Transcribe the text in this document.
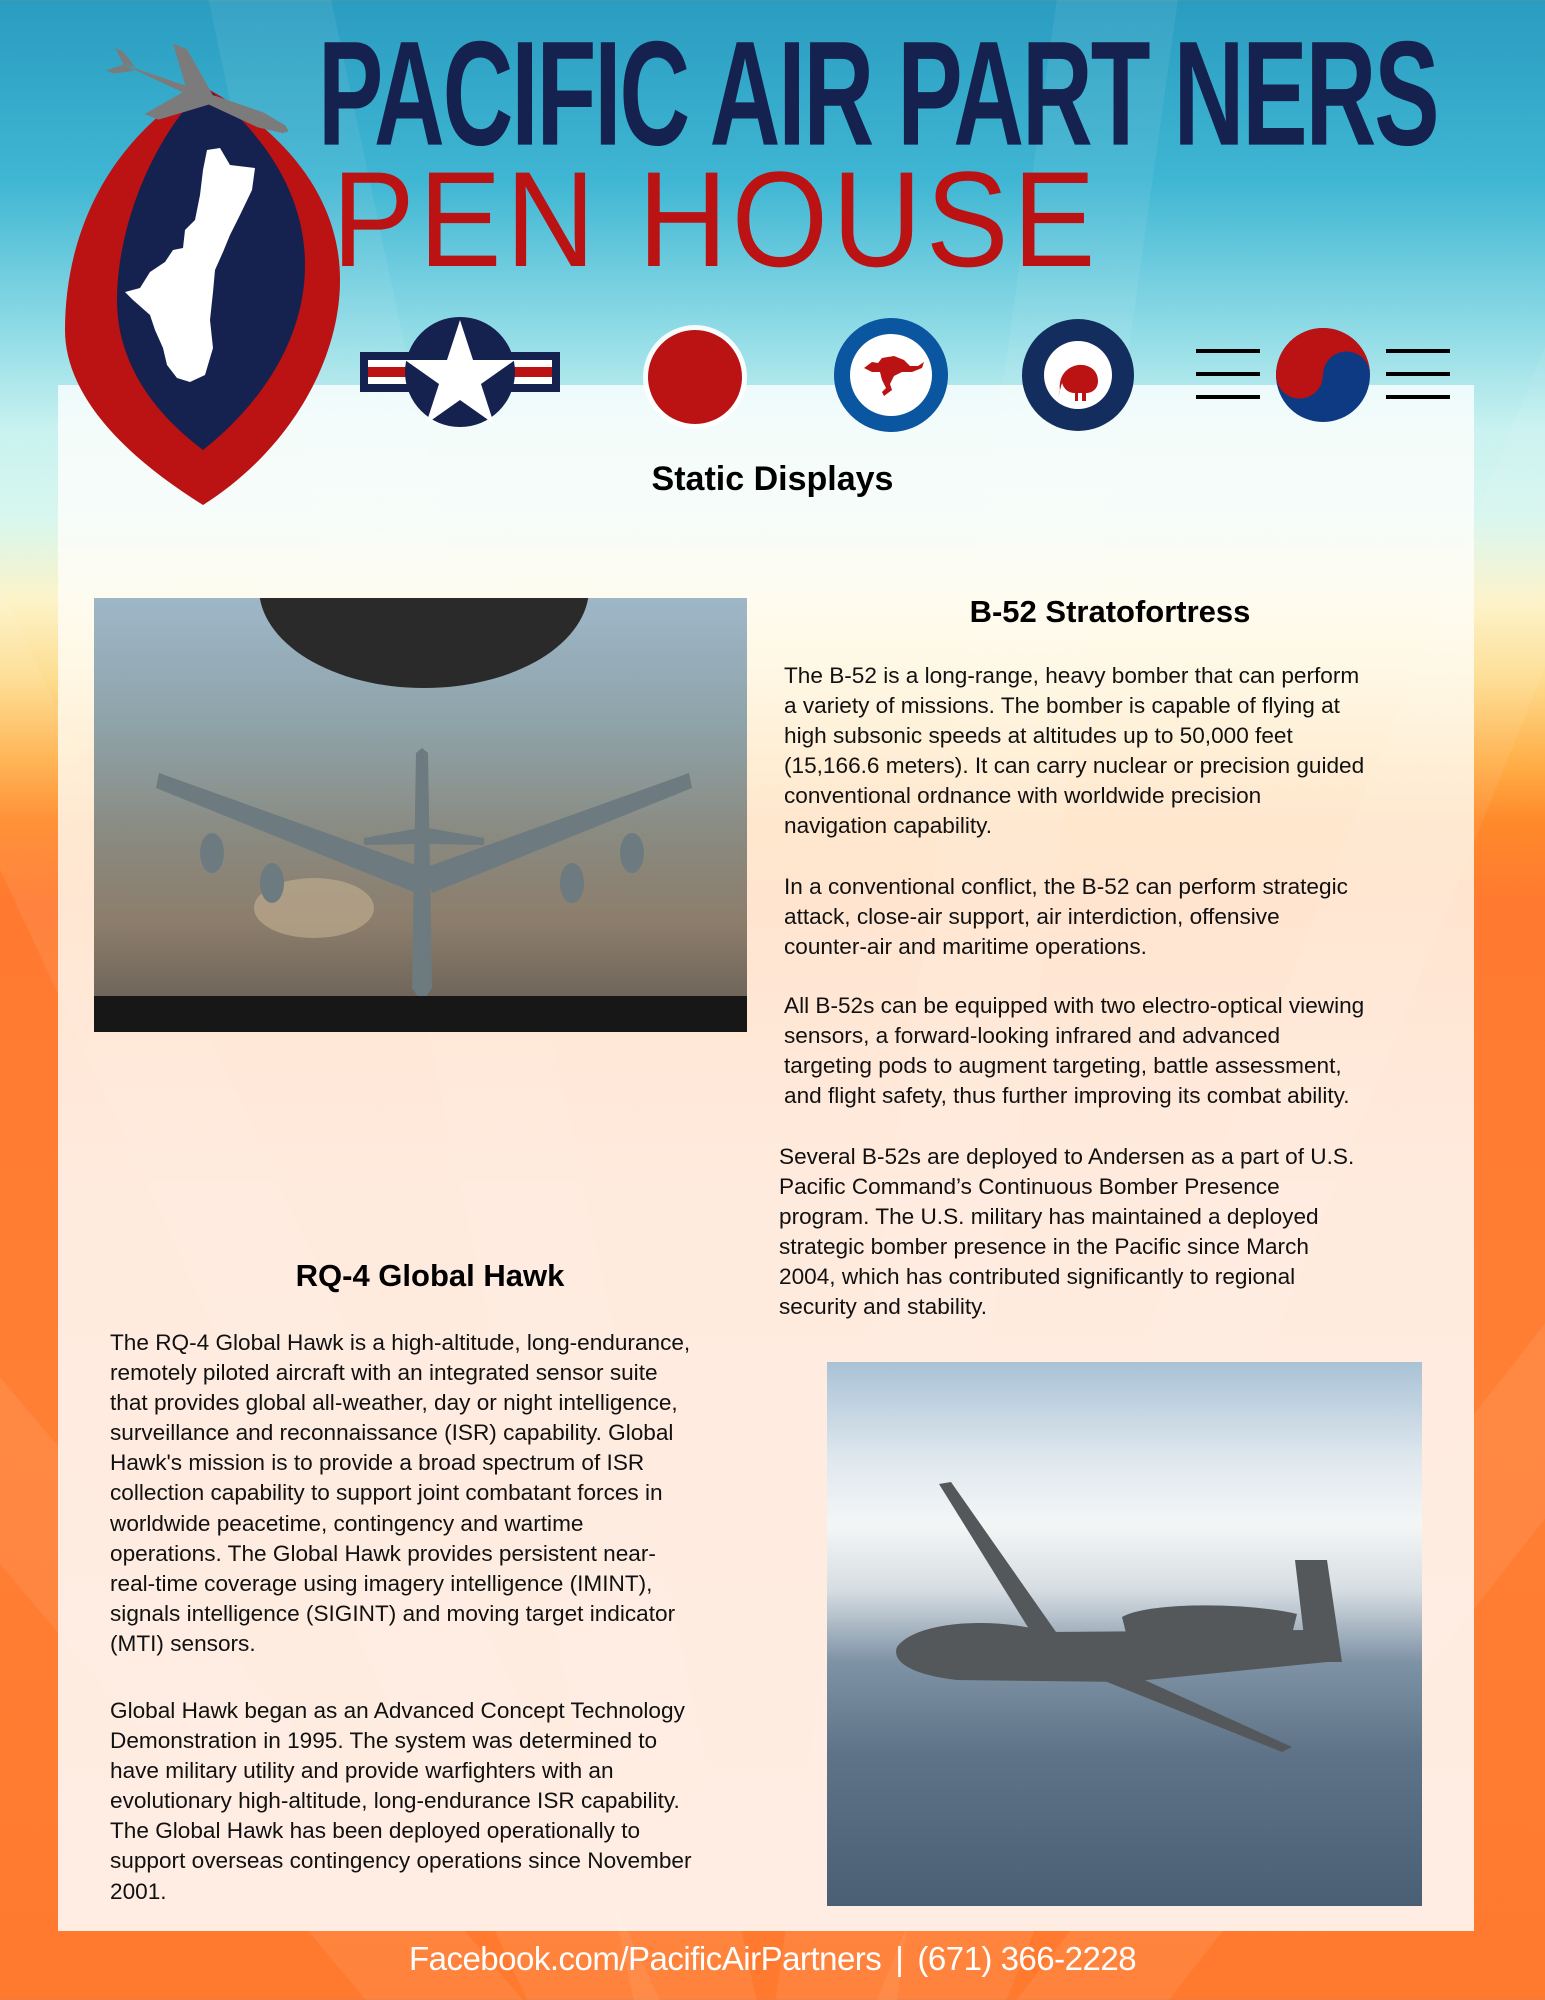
PACIFIC AIR PART NERS
PEN HOUSE
Static Displays
B-52 Stratofortress
The B-52 is a long-range, heavy bomber that can perform
a variety of missions. The bomber is capable of flying at
high subsonic speeds at altitudes up to 50,000 feet
(15,166.6 meters). It can carry nuclear or precision guided
conventional ordnance with worldwide precision
navigation capability.
In a conventional conflict, the B-52 can perform strategic
attack, close-air support, air interdiction, offensive
counter-air and maritime operations.
All B-52s can be equipped with two electro-optical viewing
sensors, a forward-looking infrared and advanced
targeting pods to augment targeting, battle assessment,
and flight safety, thus further improving its combat ability.
Several B-52s are deployed to Andersen as a part of U.S.
Pacific Command’s Continuous Bomber Presence
program. The U.S. military has maintained a deployed
strategic bomber presence in the Pacific since March
2004, which has contributed significantly to regional
security and stability.
RQ-4 Global Hawk
The RQ-4 Global Hawk is a high-altitude, long-endurance,
remotely piloted aircraft with an integrated sensor suite
that provides global all-weather, day or night intelligence,
surveillance and reconnaissance (ISR) capability. Global
Hawk's mission is to provide a broad spectrum of ISR
collection capability to support joint combatant forces in
worldwide peacetime, contingency and wartime
operations. The Global Hawk provides persistent near-
real-time coverage using imagery intelligence (IMINT),
signals intelligence (SIGINT) and moving target indicator
(MTI) sensors.
Global Hawk began as an Advanced Concept Technology
Demonstration in 1995. The system was determined to
have military utility and provide warfighters with an
evolutionary high-altitude, long-endurance ISR capability.
The Global Hawk has been deployed operationally to
support overseas contingency operations since November
2001.
Facebook.com/PacificAirPartners | (671) 366-2228
